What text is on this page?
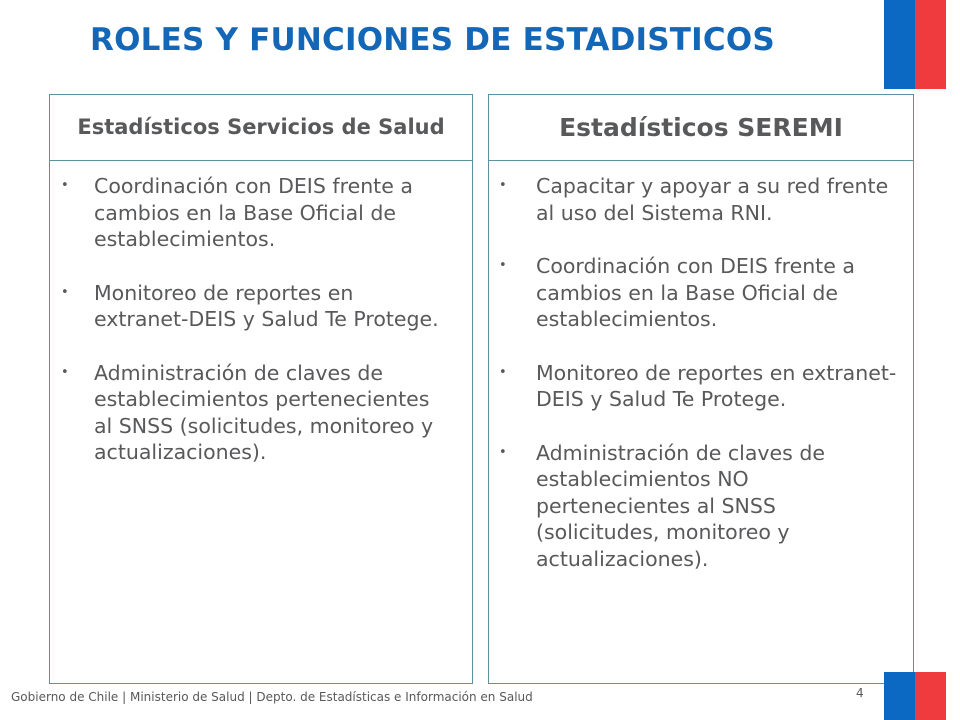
ROLES Y FUNCIONES DE ESTADISTICOS
Estadísticos Servicios de Salud
• Coordinación con DEIS frente a cambios en la Base Oficial de establecimientos.
• Monitoreo de reportes en extranet-DEIS y Salud Te Protege.
• Administración de claves de establecimientos pertenecientes al SNSS (solicitudes, monitoreo y actualizaciones).
Estadísticos SEREMI
• Capacitar y apoyar a su red frente al uso del Sistema RNI.
• Coordinación con DEIS frente a cambios en la Base Oficial de establecimientos.
• Monitoreo de reportes en extranet-DEIS y Salud Te Protege.
• Administración de claves de establecimientos NO pertenecientes al SNSS (solicitudes, monitoreo y actualizaciones).
Gobierno de Chile | Ministerio de Salud | Depto. de Estadísticas e Información en Salud	4
